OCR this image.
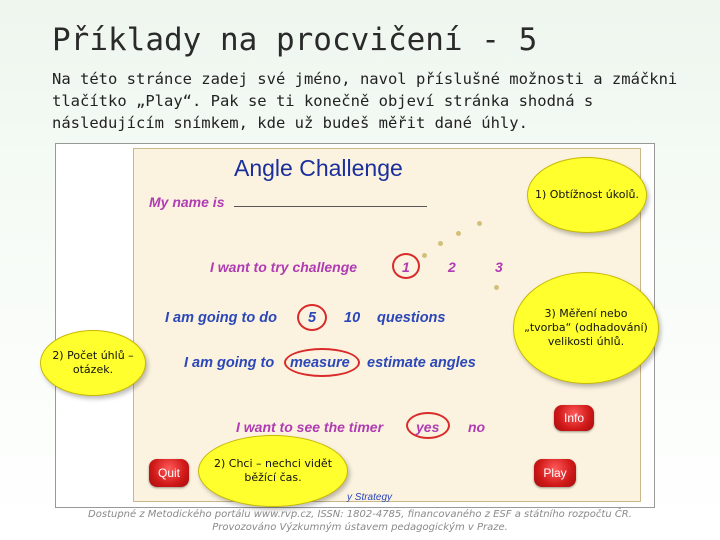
Příklady na procvičení - 5
Na této stránce zadej své jméno, navol příslušné možnosti a zmáčkni tlačítko „Play“. Pak se ti konečně objeví stránka shodná s následujícím snímkem, kde už budeš měřit dané úhly.
Angle Challenge
My name is
I want to try challenge	1	2	3
I am going to do 5 10 questions
I am going to measure estimate angles
Info
I want to see the timer yes no
Quit	Play
y Strategy
1) Obtížnost úkolů.
2) Počet úhlů – otázek.
3) Měření nebo „tvorba“ (odhadování) velikosti úhlů.
2) Chci – nechci vidět běžící čas.
Dostupné z Metodického portálu www.rvp.cz, ISSN: 1802-4785, financovaného z ESF a státního rozpočtu ČR.
Provozováno Výzkumným ústavem pedagogickým v Praze.
